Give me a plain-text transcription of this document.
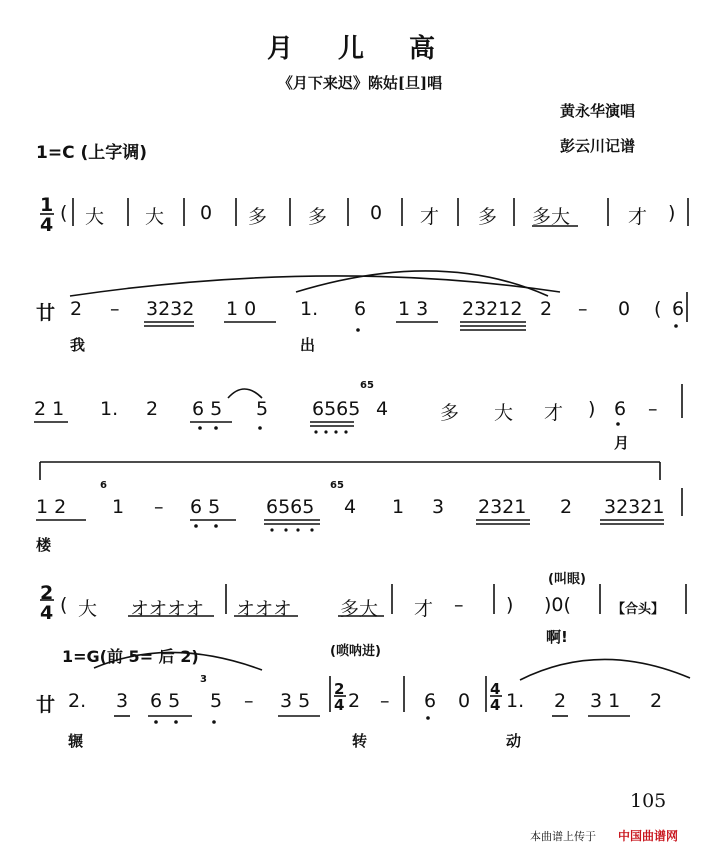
月 儿 高
《月下来迟》陈姑[旦]唱
黄永华演唱
彭云川记谱
1=C (上字调)
1
4
( 大 大 0 多 多 0 才 多 多大	才 )
廿 2 – 3232 1 0 1. 6 1 3 23212 2 – 0 ( 6
我	出
2 1 1. 2 6 5 5 6565
65
4	多 大 才 ) 6 –
月
1 2
6
1 – 6 5 6565
65
4 1 3 2321 2 32321
楼
(叫眼)
2
4 ( 大 オオオオ オオオ	多大 才 – ) )0(	【合头】
啊!
1=G(前 5= 后 2)	(唢呐进)
廿 2. 3 6 5
3
5 – 3 5
2
4 2 – 6 0
4
4 1. 2 3 1 2
辗	转	动
105
本曲谱上传于 中国曲谱网
